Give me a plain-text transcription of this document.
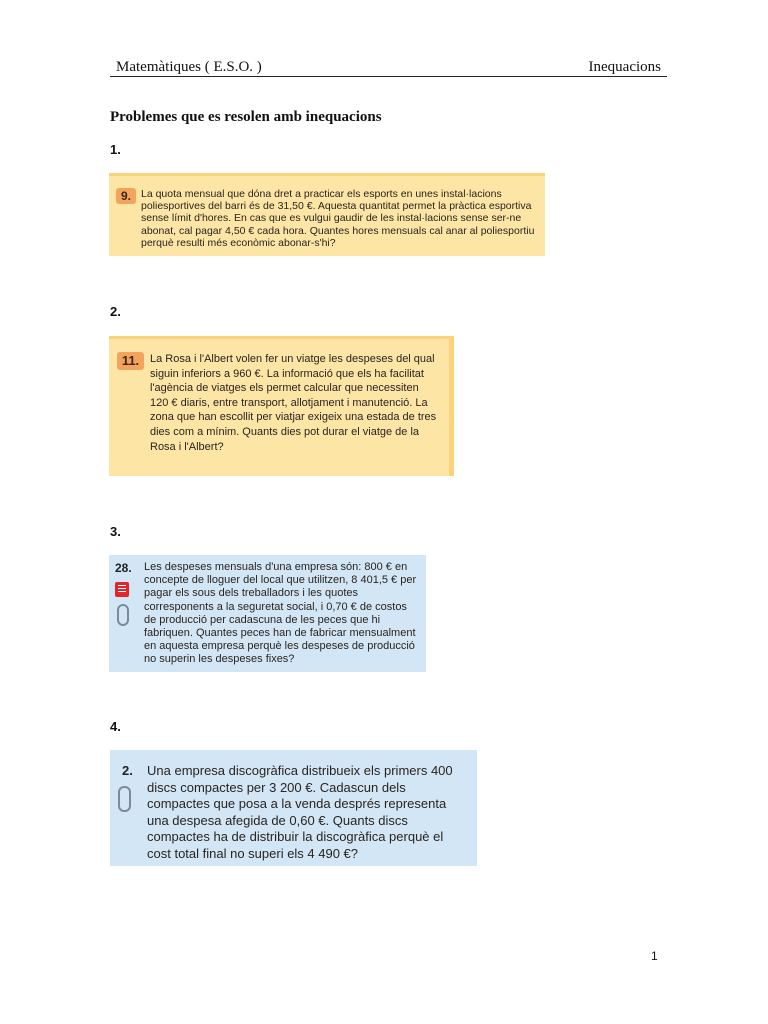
Matemàtiques ( E.S.O. )	Inequacions
Problemes que es resolen amb inequacions
1.
9. La quota mensual que dóna dret a practicar els esports en unes instal·lacions poliesportives del barri és de 31,50 €. Aquesta quantitat permet la pràctica esportiva sense límit d'hores. En cas que es vulgui gaudir de les instal·lacions sense ser-ne abonat, cal pagar 4,50 € cada hora. Quantes hores mensuals cal anar al poliesportiu perquè resulti més econòmic abonar-s'hi?
2.
11. La Rosa i l'Albert volen fer un viatge les despeses del qual siguin inferiors a 960 €. La informació que els ha facilitat l'agència de viatges els permet calcular que necessiten 120 € diaris, entre transport, allotjament i manutenció. La zona que han escollit per viatjar exigeix una estada de tres dies com a mínim. Quants dies pot durar el viatge de la Rosa i l'Albert?
3.
28. Les despeses mensuals d'una empresa són: 800 € en concepte de lloguer del local que utilitzen, 8 401,5 € per pagar els sous dels treballadors i les quotes corresponents a la seguretat social, i 0,70 € de costos de producció per cadascuna de les peces que hi fabriquen. Quantes peces han de fabricar mensualment en aquesta empresa perquè les despeses de producció no superin les despeses fixes?
4.
2. Una empresa discogràfica distribueix els primers 400 discs compactes per 3 200 €. Cadascun dels compactes que posa a la venda després representa una despesa afegida de 0,60 €. Quants discs compactes ha de distribuir la discogràfica perquè el cost total final no superi els 4 490 €?
1
